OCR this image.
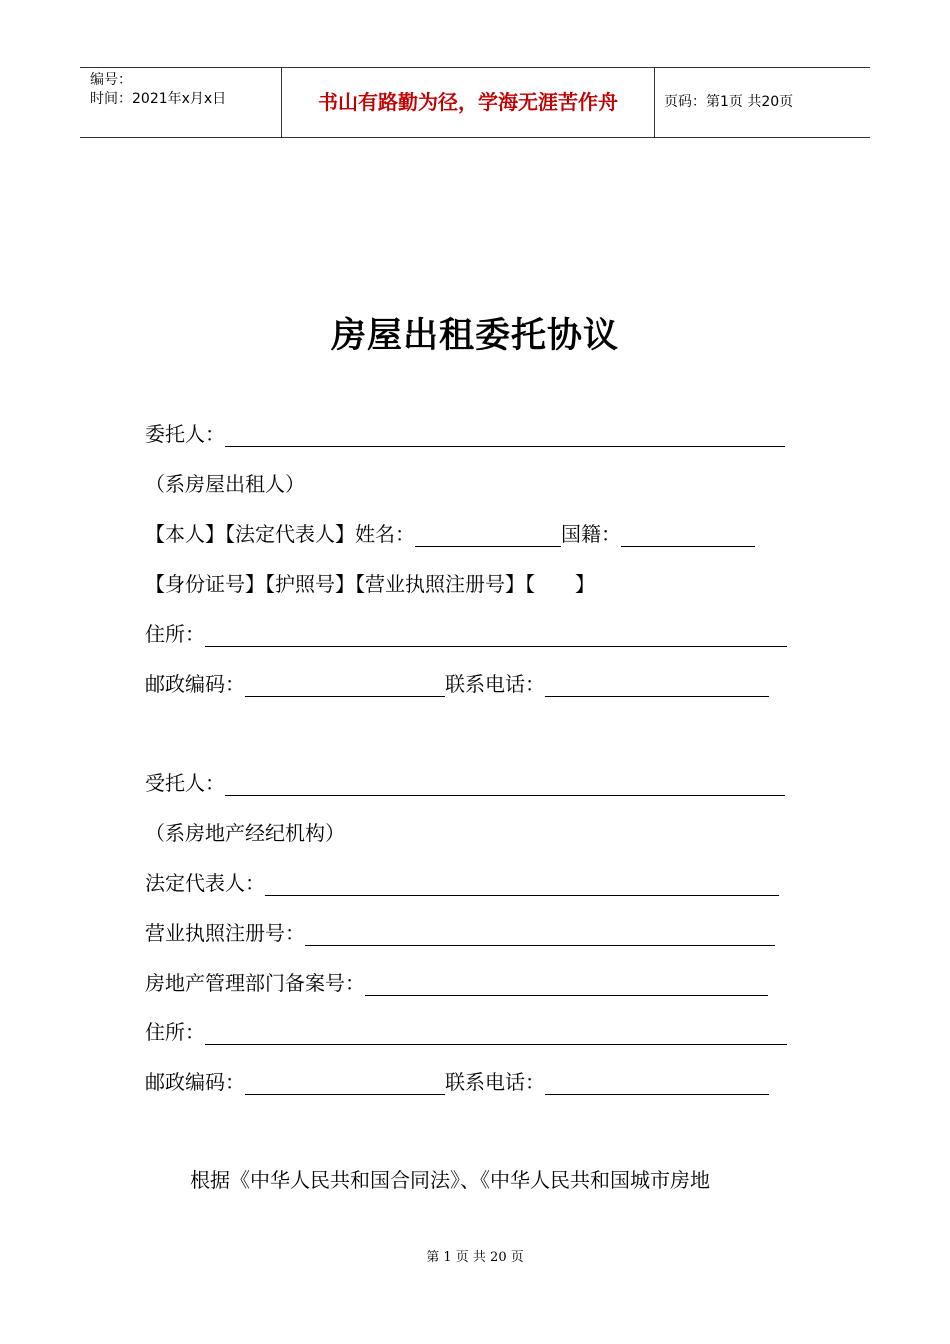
编号：
时间：2021年x月x日	书山有路勤为径，学海无涯苦作舟	页码：第1页 共20页
房屋出租委托协议
委托人：
（系房屋出租人）
【本人】【法定代表人】姓名：	国籍：
【身份证号】【护照号】【营业执照注册号】【　　】
住所：
邮政编码：	联系电话：
受托人：
（系房地产经纪机构）
法定代表人：
营业执照注册号：
房地产管理部门备案号：
住所：
邮政编码：	联系电话：
根据《中华人民共和国合同法》、《中华人民共和国城市房地
第 1 页 共 20 页
